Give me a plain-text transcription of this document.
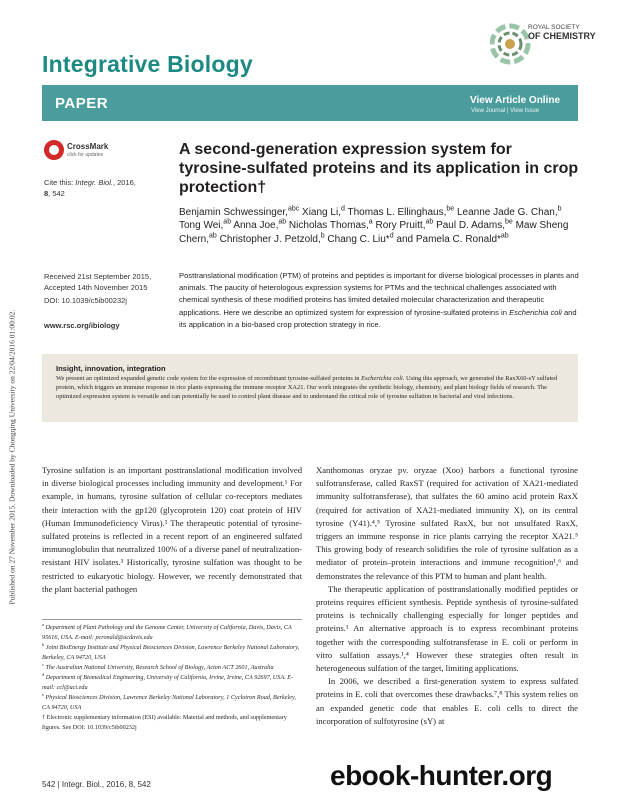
Published on 27 November 2015. Downloaded by Chongqing University on 22/04/2016 01:00:02.
Integrative Biology
ROYAL SOCIETY
OF CHEMISTRY
PAPER	View Article Online
View Journal | View Issue
CrossMark
click for updates
Cite this: Integr. Biol., 2016,
8, 542
Received 21st September 2015,
Accepted 14th November 2015
DOI: 10.1039/c5ib00232j
www.rsc.org/ibiology
A second-generation expression system for tyrosine-sulfated proteins and its application in crop protection†
Benjamin Schwessinger,$^{abc}$ Xiang Li,$^d$ Thomas L. Ellinghaus,$^{be}$ Leanne Jade G. Chan,$^b$ Tong Wei,$^{ab}$ Anna Joe,$^{ab}$ Nicholas Thomas,$^a$ Rory Pruitt,$^{ab}$ Paul D. Adams,$^{be}$ Maw Sheng Chern,$^{ab}$ Christopher J. Petzold,$^b$ Chang C. Liu*$^d$ and Pamela C. Ronald*$^{ab}$
Posttranslational modification (PTM) of proteins and peptides is important for diverse biological processes in plants and animals. The paucity of heterologous expression systems for PTMs and the technical challenges associated with chemical synthesis of these modified proteins has limited detailed molecular characterization and therapeutic applications. Here we describe an optimized system for expression of tyrosine-sulfated proteins in Escherichia coli and its application in a bio-based crop protection strategy in rice.
Insight, innovation, integration
We present an optimized expanded genetic code system for the expression of recombinant tyrosine-sulfated proteins in Escherichia coli. Using this approach, we generated the RaxX60-sY sulfated protein, which triggers an immune response in rice plants expressing the immune receptor XA21. Our work integrates the synthetic biology, chemistry, and plant biology fields of research. The optimized expression system is versatile and can potentially be used to control plant disease and to understand the critical role of tyrosine sulfation in bacterial and viral infections.
Tyrosine sulfation is an important posttranslational modification involved in diverse biological processes including immunity and development.¹ For example, in humans, tyrosine sulfation of cellular co-receptors mediates their interaction with the gp120 (glycoprotein 120) coat protein of HIV (Human Immunodeficiency Virus).² The therapeutic potential of tyrosine-sulfated proteins is reflected in a recent report of an engineered sulfated immunoglobulin that neutralized 100% of a diverse panel of neutralization-resistant HIV isolates.³ Historically, tyrosine sulfation was thought to be restricted to eukaryotic biology. However, we recently demonstrated that the plant bacterial pathogen
Xanthomonas oryzae pv. oryzae (Xoo) harbors a functional tyrosine sulfotransferase, called RaxST (required for activation of XA21-mediated immunity sulfotransferase), that sulfates the 60 amino acid protein RaxX (required for activation of XA21-mediated immunity X), on its central tyrosine (Y41).⁴,⁵ Tyrosine sulfated RaxX, but not unsulfated RaxX, triggers an immune response in rice plants carrying the receptor XA21.⁵ This growing body of research solidifies the role of tyrosine sulfation as a mediator of protein–protein interactions and immune recognition¹,⁶ and demonstrates the relevance of this PTM to human and plant health.
The therapeutic application of posttranslationally modified peptides or proteins requires efficient synthesis. Peptide synthesis of tyrosine-sulfated proteins is technically challenging especially for longer peptides and proteins.¹ An alternative approach is to express recombinant proteins together with the corresponding sulfotransferase in E. coli or perform in vitro sulfation assays.¹,⁴ However these strategies often result in heterogeneous sulfation of the target, limiting applications.
In 2006, we described a first-generation system to express sulfated proteins in E. coli that overcomes these drawbacks.⁷,⁸ This system relies on an expanded genetic code that enables E. coli cells to direct the incorporation of sulfotyrosine (sY) at
$^a$ Department of Plant Pathology and the Genome Center, University of California, Davis, Davis, CA 95616, USA. E-mail: pcronald@ucdavis.edu
$^b$ Joint BioEnergy Institute and Physical Biosciences Division, Lawrence Berkeley National Laboratory, Berkeley, CA 94720, USA
$^c$ The Australian National University, Research School of Biology, Acton ACT 2601, Australia
$^d$ Department of Biomedical Engineering, University of California, Irvine, Irvine, CA 92697, USA. E-mail: ccl@uci.edu
$^e$ Physical Biosciences Division, Lawrence Berkeley National Laboratory, 1 Cyclotron Road, Berkeley, CA 94720, USA
† Electronic supplementary information (ESI) available: Material and methods, and supplementary figures. See DOI: 10.1039/c5ib00232j
542 | Integr. Biol., 2016, 8, 542	ebook-hunter.org
